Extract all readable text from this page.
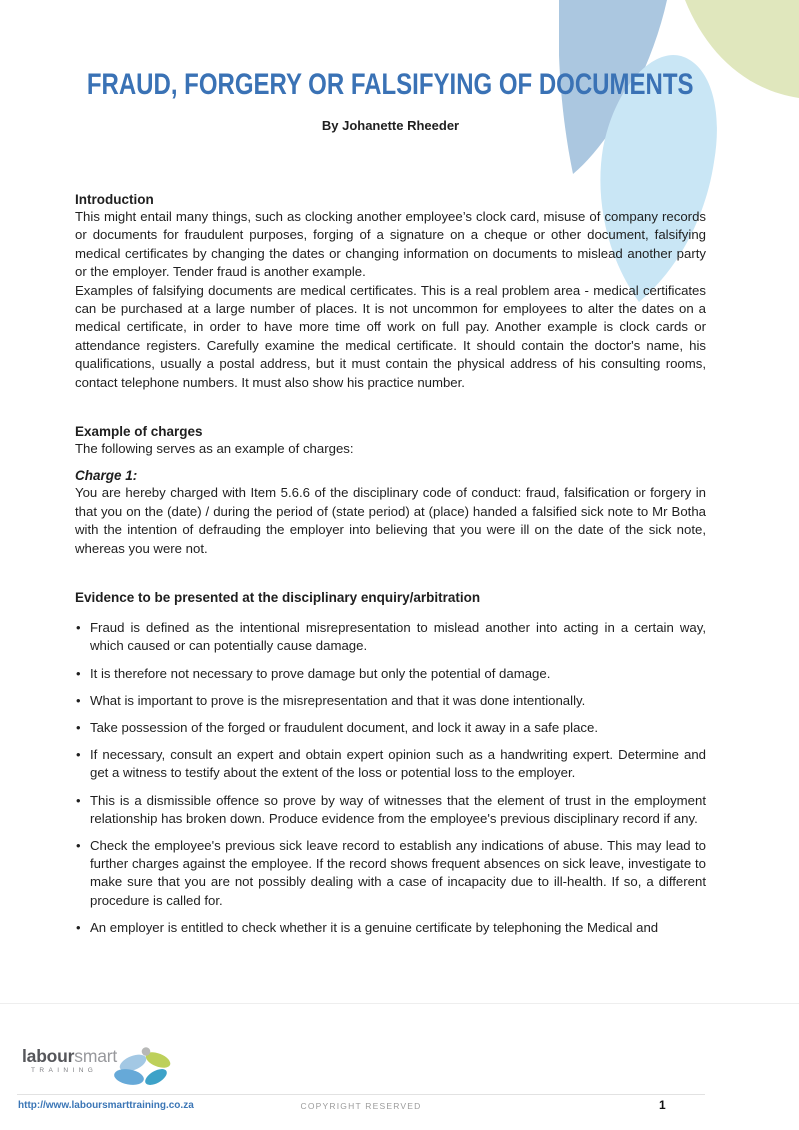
FRAUD, FORGERY OR FALSIFYING OF DOCUMENTS
By Johanette Rheeder
Introduction

This might entail many things, such as clocking another employee’s clock card, misuse of company records or documents for fraudulent purposes, forging of a signature on a cheque or other document, falsifying medical certificates by changing the dates or changing information on documents to mislead another party or the employer. Tender fraud is another example.

Examples of falsifying documents are medical certificates. This is a real problem area - medical certificates can be purchased at a large number of places. It is not uncommon for employees to alter the dates on a medical certificate, in order to have more time off work on full pay. Another example is clock cards or attendance registers. Carefully examine the medical certificate. It should contain the doctor's name, his qualifications, usually a postal address, but it must contain the physical address of his consulting rooms, contact telephone numbers. It must also show his practice number.

Example of charges

The following serves as an example of charges:

Charge 1:

You are hereby charged with Item 5.6.6 of the disciplinary code of conduct: fraud, falsification or forgery in that you on the (date) / during the period of (state period) at (place) handed a falsified sick note to Mr Botha with the intention of defrauding the employer into believing that you were ill on the date of the sick note, whereas you were not.

Evidence to be presented at the disciplinary enquiry/arbitration
• Fraud is defined as the intentional misrepresentation to mislead another into acting in a certain way, which caused or can potentially cause damage.
• It is therefore not necessary to prove damage but only the potential of damage.
• What is important to prove is the misrepresentation and that it was done intentionally.
• Take possession of the forged or fraudulent document, and lock it away in a safe place.
• If necessary, consult an expert and obtain expert opinion such as a handwriting expert. Determine and get a witness to testify about the extent of the loss or potential loss to the employer.
• This is a dismissible offence so prove by way of witnesses that the element of trust in the employment relationship has broken down. Produce evidence from the employee's previous disciplinary record if any.
• Check the employee's previous sick leave record to establish any indications of abuse. This may lead to further charges against the employee. If the record shows frequent absences on sick leave, investigate to make sure that you are not possibly dealing with a case of incapacity due to ill-health. If so, a different procedure is called for.
• An employer is entitled to check whether it is a genuine certificate by telephoning the Medical and
laboursmart
TRAINING
http://www.laboursmarttraining.co.za	COPYRIGHT RESERVED	1
